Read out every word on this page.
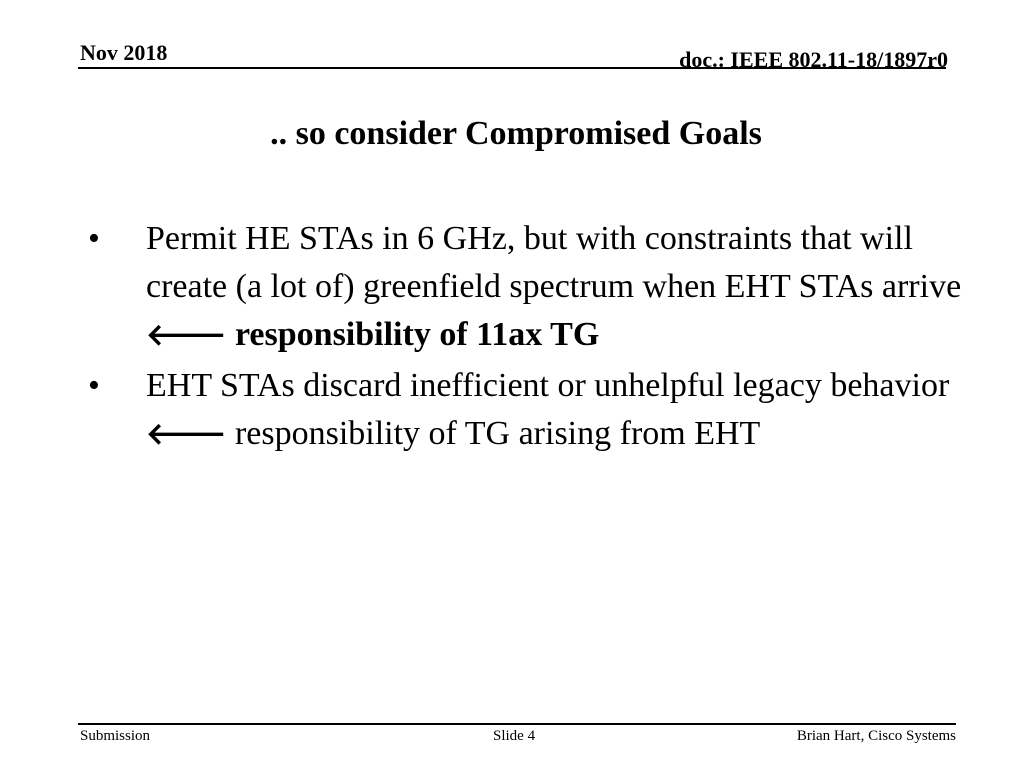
Nov 2018	doc.: IEEE 802.11-18/1897r0
.. so consider Compromised Goals
• Permit HE STAs in 6 GHz, but with constraints that will create (a lot of) greenfield spectrum when EHT STAs arrive 🡐 responsibility of 11ax TG
• EHT STAs discard inefficient or unhelpful legacy behavior 🡐 responsibility of TG arising from EHT
Submission	Slide 4	Brian Hart, Cisco Systems
